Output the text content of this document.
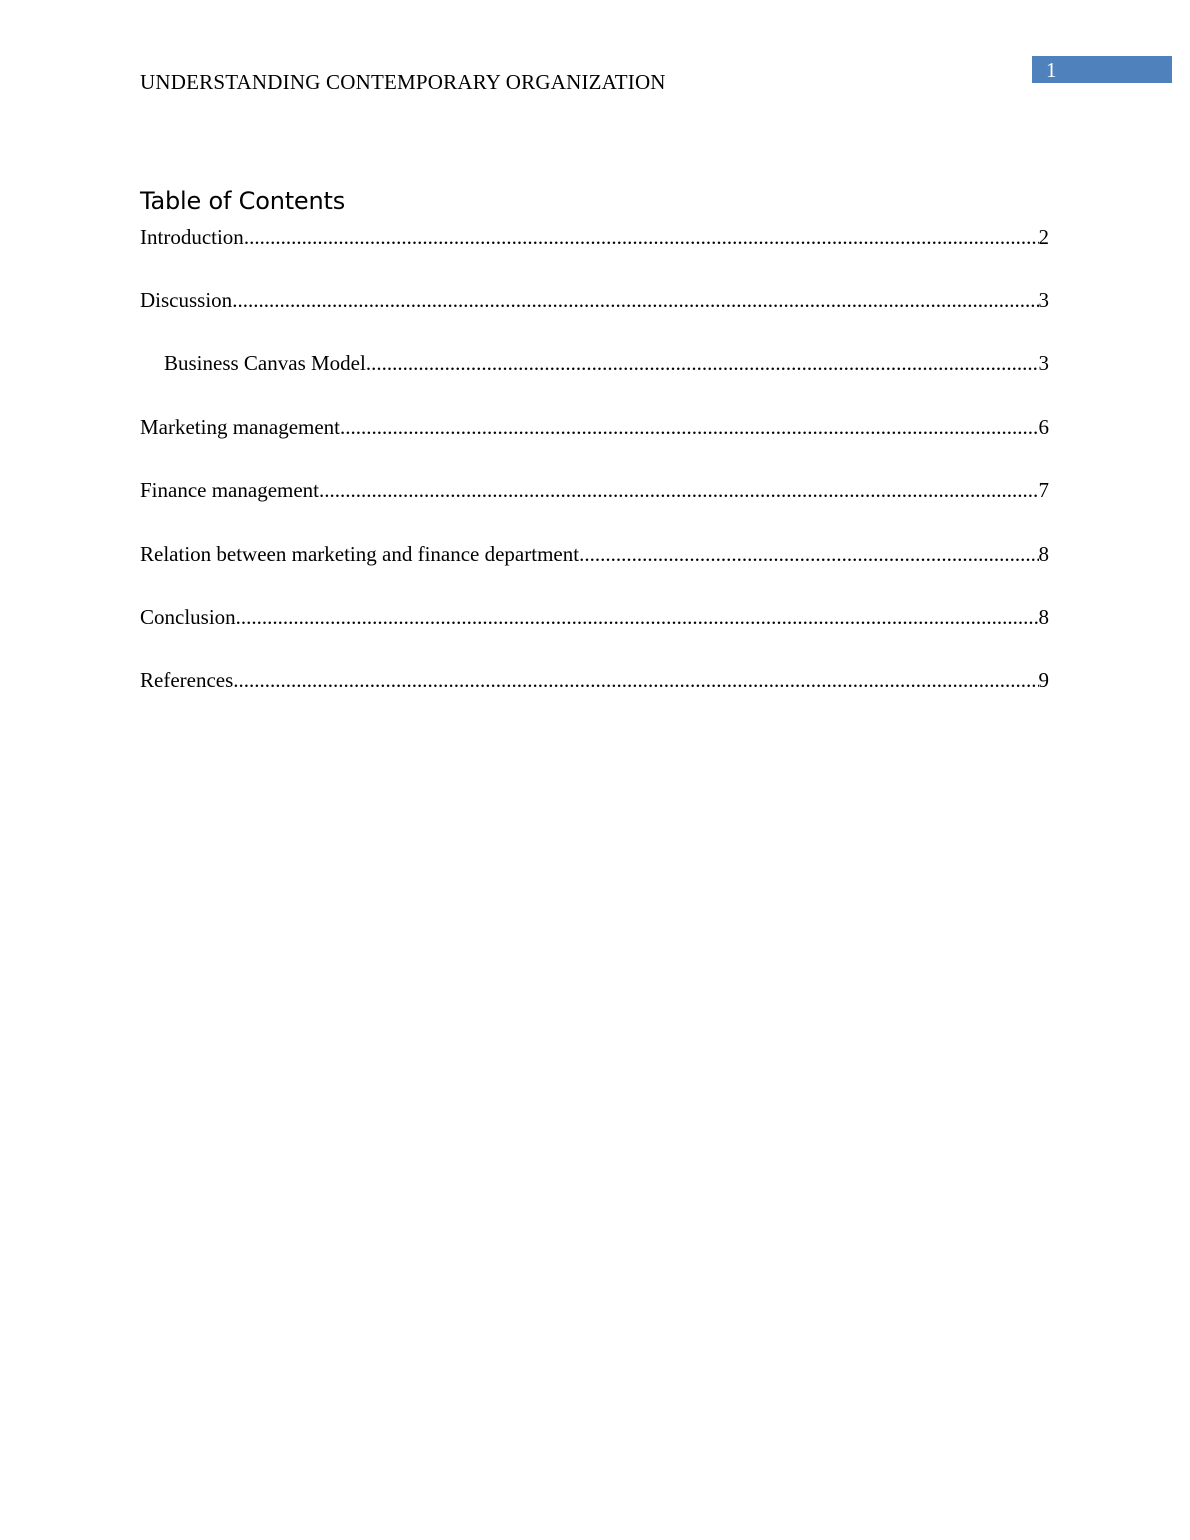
UNDERSTANDING CONTEMPORARY ORGANIZATION	1
Table of Contents
Introduction .....	2
Discussion .....	3
Business Canvas Model .....	3
Marketing management .....	6
Finance management .....	7
Relation between marketing and finance department .....	8
Conclusion .....	8
References .....	9
